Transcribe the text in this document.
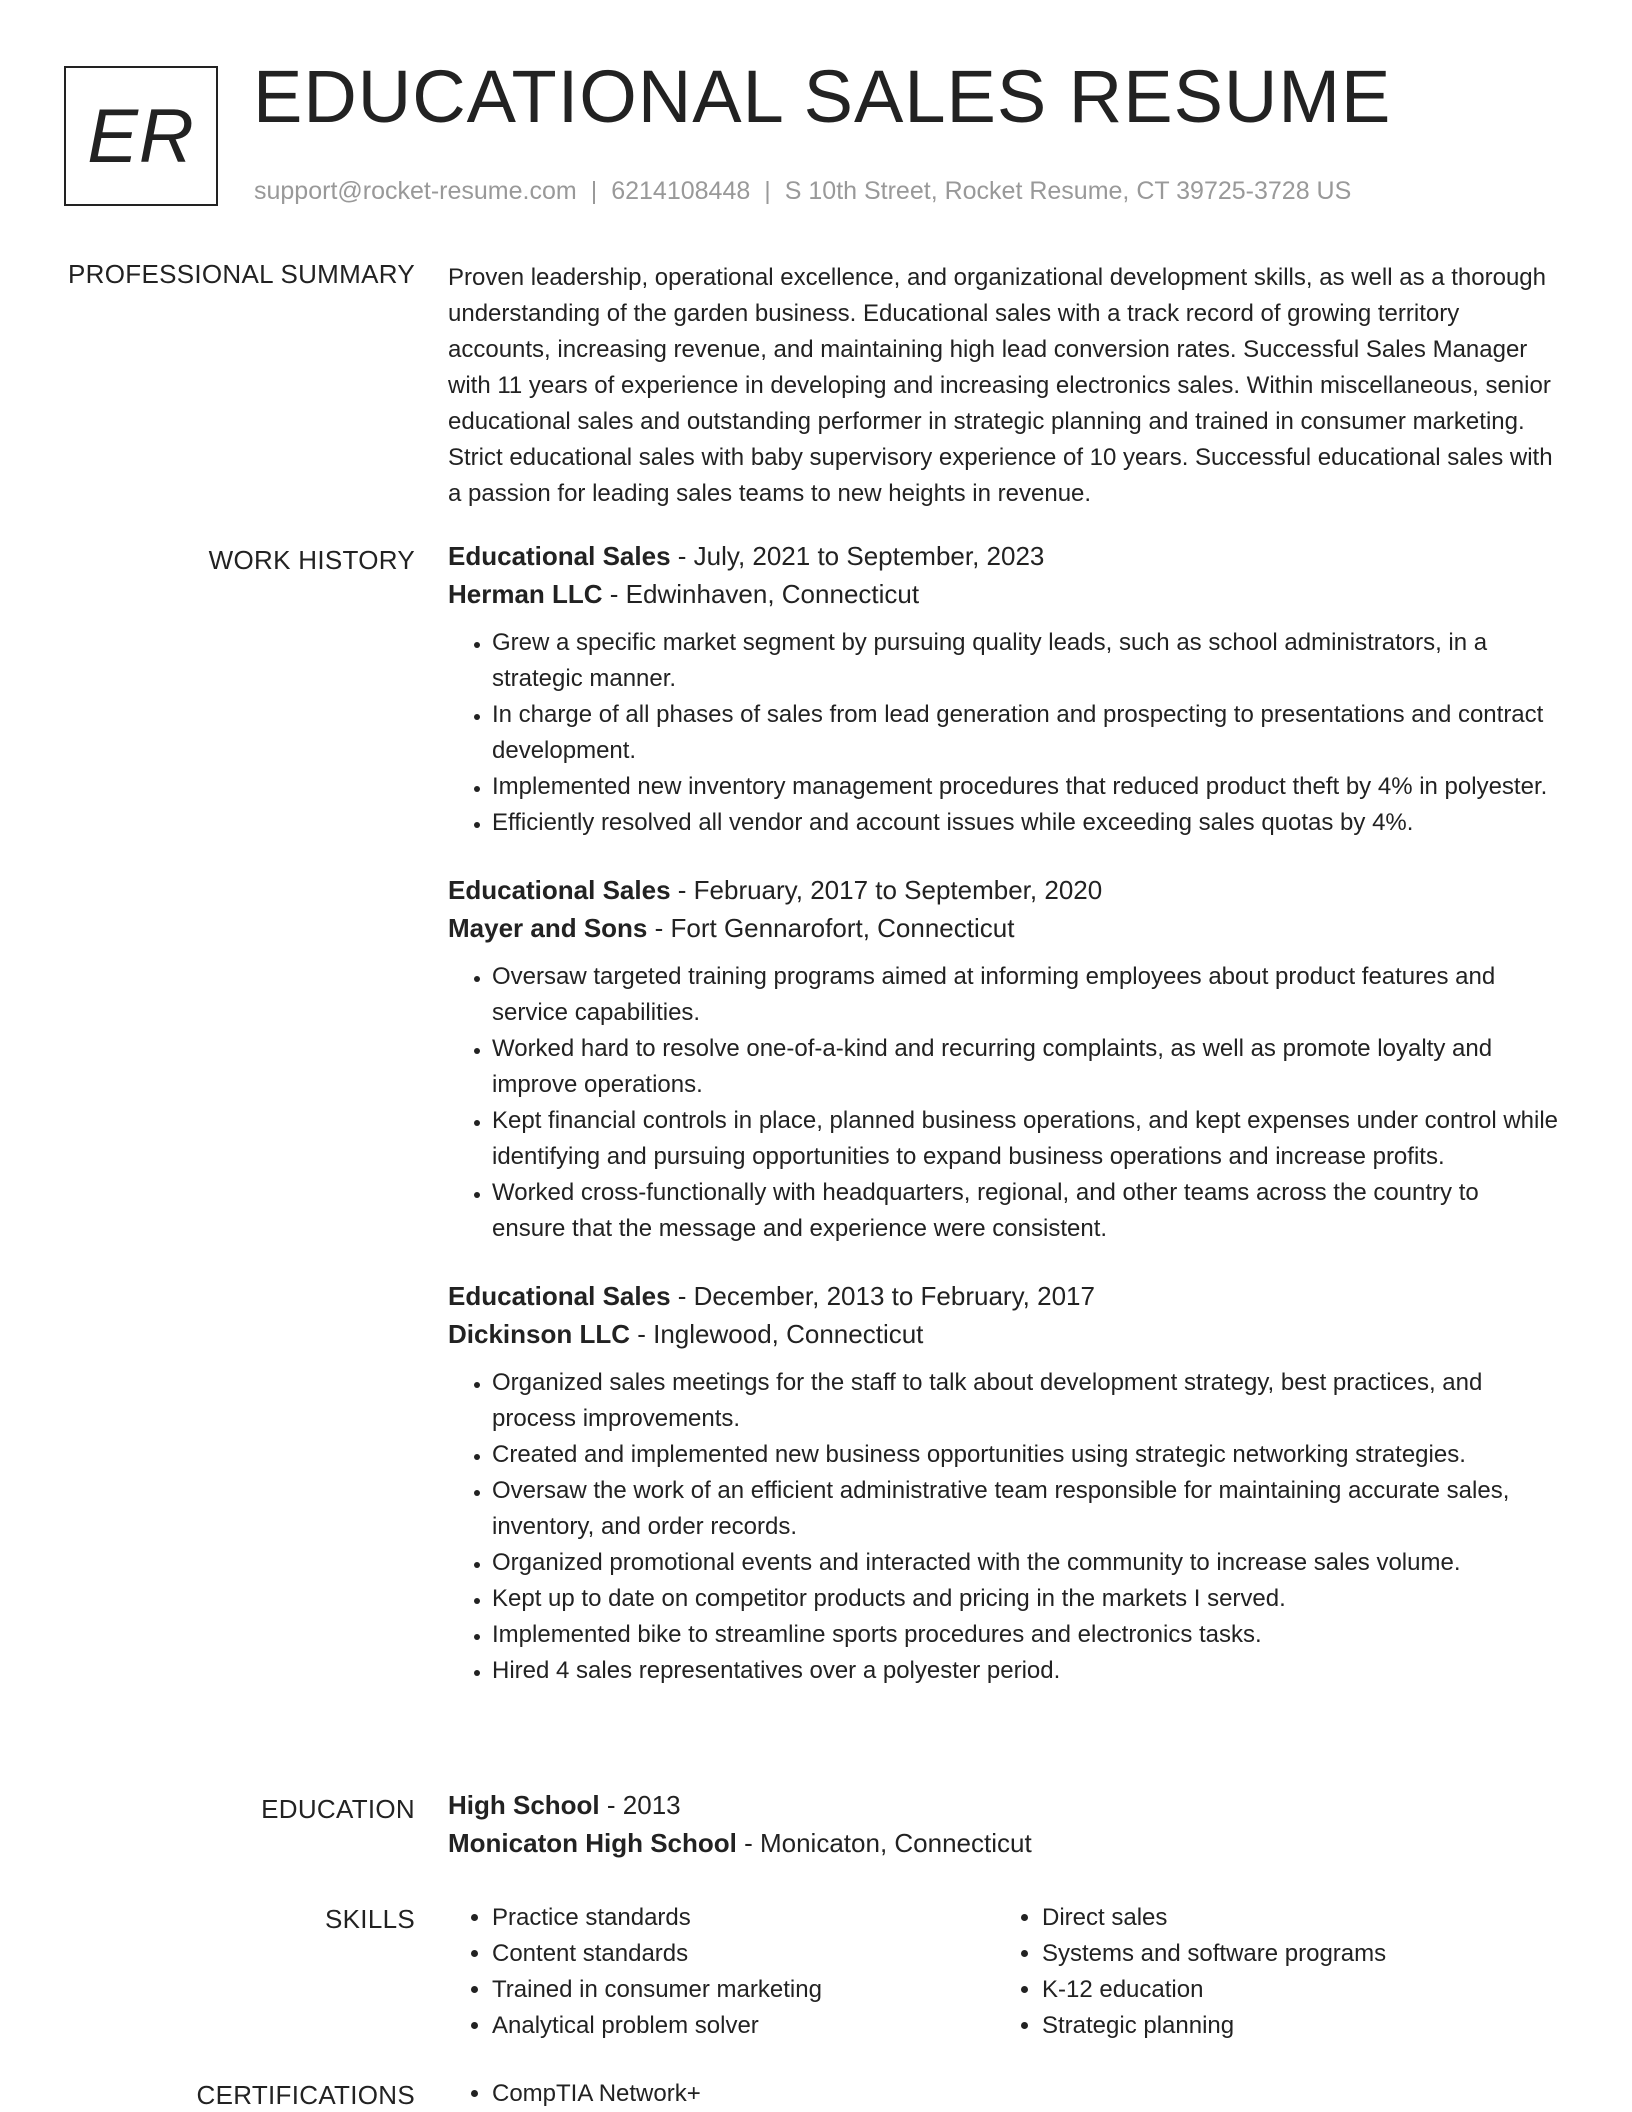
ER EDUCATIONAL SALES RESUME
support@rocket-resume.com | 6214108448 | S 10th Street, Rocket Resume, CT 39725-3728 US
PROFESSIONAL SUMMARY Proven leadership, operational excellence, and organizational development skills, as well as a thorough understanding of the garden business. Educational sales with a track record of growing territory accounts, increasing revenue, and maintaining high lead conversion rates. Successful Sales Manager with 11 years of experience in developing and increasing electronics sales. Within miscellaneous, senior educational sales and outstanding performer in strategic planning and trained in consumer marketing. Strict educational sales with baby supervisory experience of 10 years. Successful educational sales with a passion for leading sales teams to new heights in revenue.

WORK HISTORY Educational Sales - July, 2021 to September, 2023
Herman LLC - Edwinhaven, Connecticut
• Grew a specific market segment by pursuing quality leads, such as school administrators, in a strategic manner.
• In charge of all phases of sales from lead generation and prospecting to presentations and contract development.
• Implemented new inventory management procedures that reduced product theft by 4% in polyester.
• Efficiently resolved all vendor and account issues while exceeding sales quotas by 4%.
Educational Sales - February, 2017 to September, 2020
Mayer and Sons - Fort Gennarofort, Connecticut
• Oversaw targeted training programs aimed at informing employees about product features and service capabilities.
• Worked hard to resolve one-of-a-kind and recurring complaints, as well as promote loyalty and improve operations.
• Kept financial controls in place, planned business operations, and kept expenses under control while identifying and pursuing opportunities to expand business operations and increase profits.
• Worked cross-functionally with headquarters, regional, and other teams across the country to ensure that the message and experience were consistent.
Educational Sales - December, 2013 to February, 2017
Dickinson LLC - Inglewood, Connecticut
• Organized sales meetings for the staff to talk about development strategy, best practices, and process improvements.
• Created and implemented new business opportunities using strategic networking strategies.
• Oversaw the work of an efficient administrative team responsible for maintaining accurate sales, inventory, and order records.
• Organized promotional events and interacted with the community to increase sales volume.
• Kept up to date on competitor products and pricing in the markets I served.
• Implemented bike to streamline sports procedures and electronics tasks.
• Hired 4 sales representatives over a polyester period.
EDUCATION High School - 2013
Monicaton High School - Monicaton, Connecticut
SKILLS	• Practice standards
• Content standards
• Trained in consumer marketing
• Analytical problem solver
• Direct sales
• Systems and software programs
• K-12 education
• Strategic planning
CERTIFICATIONS	• CompTIA Network+
